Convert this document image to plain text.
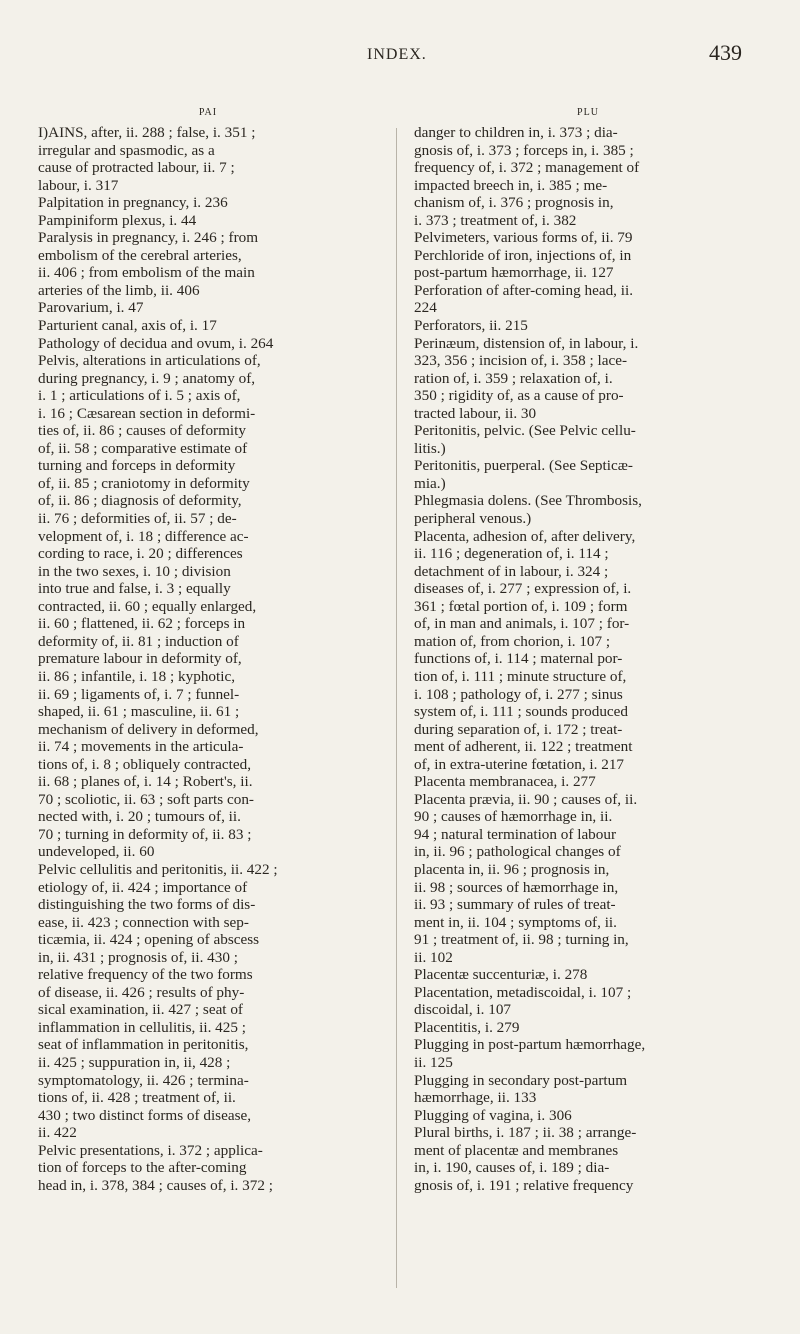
INDEX.	439
PAI
I)AINS, after, ii. 288 ; false, i. 351 ;
irregular and spasmodic, as a
cause of protracted labour, ii. 7 ;
labour, i. 317
Palpitation in pregnancy, i. 236
Pampiniform plexus, i. 44
Paralysis in pregnancy, i. 246 ; from
embolism of the cerebral arteries,
ii. 406 ; from embolism of the main
arteries of the limb, ii. 406
Parovarium, i. 47
Parturient canal, axis of, i. 17
Pathology of decidua and ovum, i. 264
Pelvis, alterations in articulations of,
during pregnancy, i. 9 ; anatomy of,
i. 1 ; articulations of i. 5 ; axis of,
i. 16 ; Cæsarean section in deformi-
ties of, ii. 86 ; causes of deformity
of, ii. 58 ; comparative estimate of
turning and forceps in deformity
of, ii. 85 ; craniotomy in deformity
of, ii. 86 ; diagnosis of deformity,
ii. 76 ; deformities of, ii. 57 ; de-
velopment of, i. 18 ; difference ac-
cording to race, i. 20 ; differences
in the two sexes, i. 10 ; division
into true and false, i. 3 ; equally
contracted, ii. 60 ; equally enlarged,
ii. 60 ; flattened, ii. 62 ; forceps in
deformity of, ii. 81 ; induction of
premature labour in deformity of,
ii. 86 ; infantile, i. 18 ; kyphotic,
ii. 69 ; ligaments of, i. 7 ; funnel-
shaped, ii. 61 ; masculine, ii. 61 ;
mechanism of delivery in deformed,
ii. 74 ; movements in the articula-
tions of, i. 8 ; obliquely contracted,
ii. 68 ; planes of, i. 14 ; Robert's, ii.
70 ; scoliotic, ii. 63 ; soft parts con-
nected with, i. 20 ; tumours of, ii.
70 ; turning in deformity of, ii. 83 ;
undeveloped, ii. 60
Pelvic cellulitis and peritonitis, ii. 422 ;
etiology of, ii. 424 ; importance of
distinguishing the two forms of dis-
ease, ii. 423 ; connection with sep-
ticæmia, ii. 424 ; opening of abscess
in, ii. 431 ; prognosis of, ii. 430 ;
relative frequency of the two forms
of disease, ii. 426 ; results of phy-
sical examination, ii. 427 ; seat of
inflammation in cellulitis, ii. 425 ;
seat of inflammation in peritonitis,
ii. 425 ; suppuration in, ii, 428 ;
symptomatology, ii. 426 ; termina-
tions of, ii. 428 ; treatment of, ii.
430 ; two distinct forms of disease,
ii. 422
Pelvic presentations, i. 372 ; applica-
tion of forceps to the after-coming
head in, i. 378, 384 ; causes of, i. 372 ;
PLU
danger to children in, i. 373 ; dia-
gnosis of, i. 373 ; forceps in, i. 385 ;
frequency of, i. 372 ; management of
impacted breech in, i. 385 ; me-
chanism of, i. 376 ; prognosis in,
i. 373 ; treatment of, i. 382
Pelvimeters, various forms of, ii. 79
Perchloride of iron, injections of, in
post-partum hæmorrhage, ii. 127
Perforation of after-coming head, ii.
224
Perforators, ii. 215
Perinæum, distension of, in labour, i.
323, 356 ; incision of, i. 358 ; lace-
ration of, i. 359 ; relaxation of, i.
350 ; rigidity of, as a cause of pro-
tracted labour, ii. 30
Peritonitis, pelvic. (See Pelvic cellu-
litis.)
Peritonitis, puerperal. (See Septicæ-
mia.)
Phlegmasia dolens. (See Thrombosis,
peripheral venous.)
Placenta, adhesion of, after delivery,
ii. 116 ; degeneration of, i. 114 ;
detachment of in labour, i. 324 ;
diseases of, i. 277 ; expression of, i.
361 ; fœtal portion of, i. 109 ; form
of, in man and animals, i. 107 ; for-
mation of, from chorion, i. 107 ;
functions of, i. 114 ; maternal por-
tion of, i. 111 ; minute structure of,
i. 108 ; pathology of, i. 277 ; sinus
system of, i. 111 ; sounds produced
during separation of, i. 172 ; treat-
ment of adherent, ii. 122 ; treatment
of, in extra-uterine fœtation, i. 217
Placenta membranacea, i. 277
Placenta prævia, ii. 90 ; causes of, ii.
90 ; causes of hæmorrhage in, ii.
94 ; natural termination of labour
in, ii. 96 ; pathological changes of
placenta in, ii. 96 ; prognosis in,
ii. 98 ; sources of hæmorrhage in,
ii. 93 ; summary of rules of treat-
ment in, ii. 104 ; symptoms of, ii.
91 ; treatment of, ii. 98 ; turning in,
ii. 102
Placentæ succenturiæ, i. 278
Placentation, metadiscoidal, i. 107 ;
discoidal, i. 107
Placentitis, i. 279
Plugging in post-partum hæmorrhage,
ii. 125
Plugging in secondary post-partum
hæmorrhage, ii. 133
Plugging of vagina, i. 306
Plural births, i. 187 ; ii. 38 ; arrange-
ment of placentæ and membranes
in, i. 190, causes of, i. 189 ; dia-
gnosis of, i. 191 ; relative frequency
